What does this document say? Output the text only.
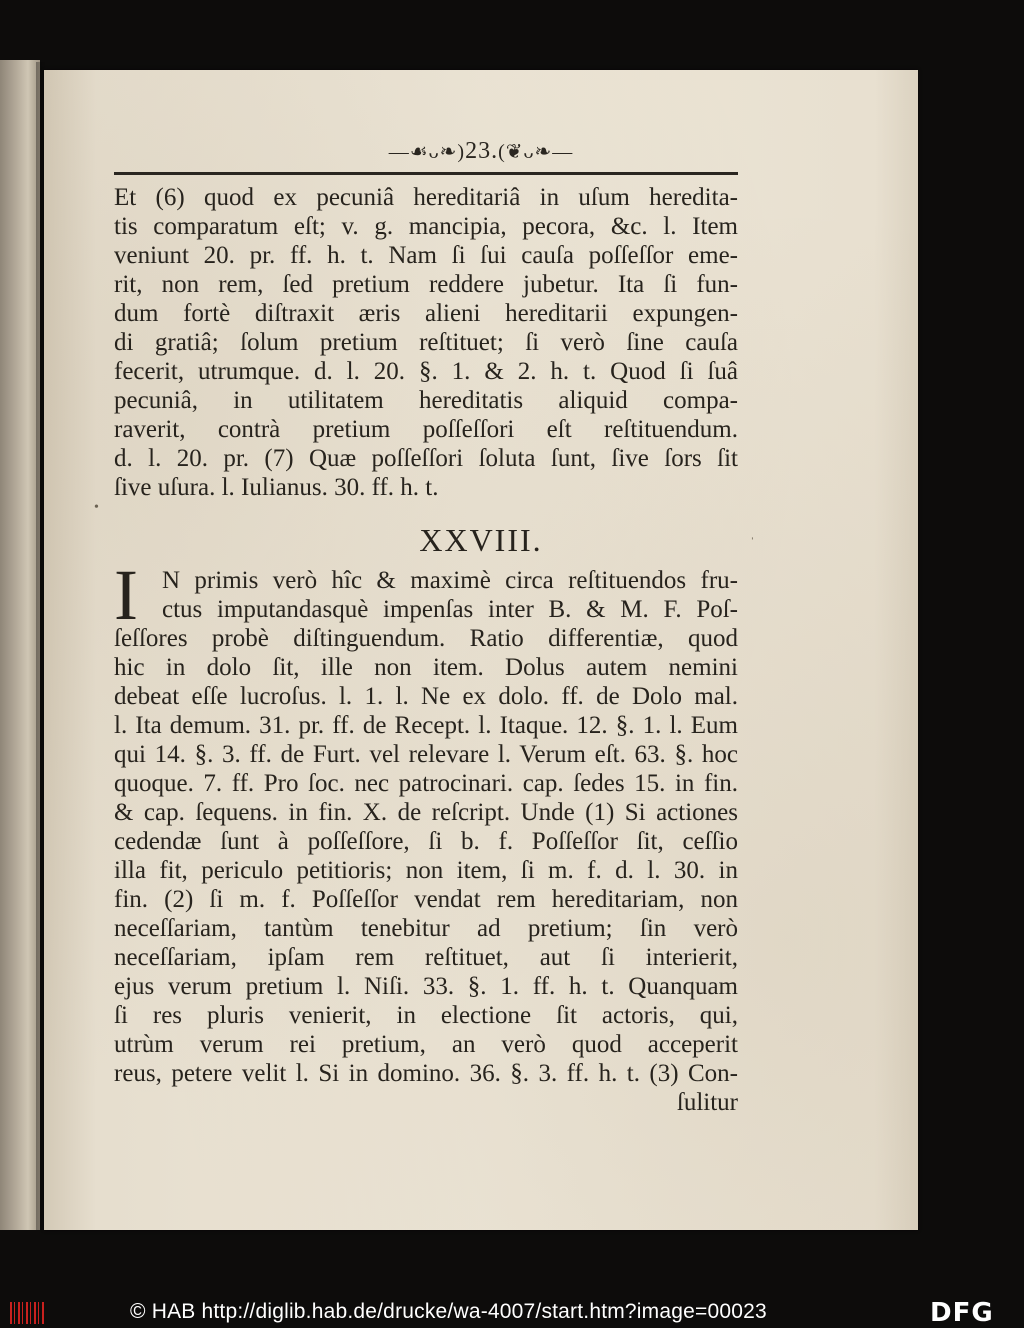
—☙ᴗ❧)23.(❦ᴗ❧—
Et (6) quod ex pecuniâ hereditariâ in uſum heredita-
tis comparatum eſt; v. g. mancipia, pecora, &c. l. Item
veniunt 20. pr. ff. h. t. Nam ſi ſui cauſa poſſeſſor eme-
rit, non rem, ſed pretium reddere jubetur. Ita ſi fun-
dum fortè diſtraxit æris alieni hereditarii expungen-
di gratiâ; ſolum pretium reſtituet; ſi verò ſine cauſa
fecerit, utrumque. d. l. 20. §. 1. & 2. h. t. Quod ſi ſuâ
pecuniâ, in utilitatem hereditatis aliquid compa-
raverit, contrà pretium poſſeſſori eſt reſtituendum.
d. l. 20. pr. (7) Quæ poſſeſſori ſoluta ſunt, ſive ſors ſit
ſive uſura. l. Iulianus. 30. ff. h. t.
•
XXVIII.
I N primis verò hîc & maximè circa reſtituendos fru-
ctus imputandasquè impenſas inter B. & M. F. Poſ-
ſeſſores probè diſtinguendum. Ratio differentiæ, quod
hic in dolo ſit, ille non item. Dolus autem nemini
debeat eſſe lucroſus. l. 1. l. Ne ex dolo. ff. de Dolo mal.
l. Ita demum. 31. pr. ff. de Recept. l. Itaque. 12. §. 1. l. Eum
qui 14. §. 3. ff. de Furt. vel relevare l. Verum eſt. 63. §. hoc
quoque. 7. ff. Pro ſoc. nec patrocinari. cap. ſedes 15. in fin.
& cap. ſequens. in fin. X. de reſcript. Unde (1) Si actiones
cedendæ ſunt à poſſeſſore, ſi b. f. Poſſeſſor ſit, ceſſio
illa fit, periculo petitioris; non item, ſi m. f. d. l. 30. in
fin. (2) ſi m. f. Poſſeſſor vendat rem hereditariam, non
neceſſariam, tantùm tenebitur ad pretium; ſin verò
neceſſariam, ipſam rem reſtituet, aut ſi interierit,
ejus verum pretium l. Niſi. 33. §. 1. ff. h. t. Quanquam
ſi res pluris venierit, in electione ſit actoris, qui,
utrùm verum rei pretium, an verò quod acceperit
reus, petere velit l. Si in domino. 36. §. 3. ff. h. t. (3) Con-
ſulitur
ˈ
© HAB http://diglib.hab.de/drucke/wa-4007/start.htm?image=00023	DFG
